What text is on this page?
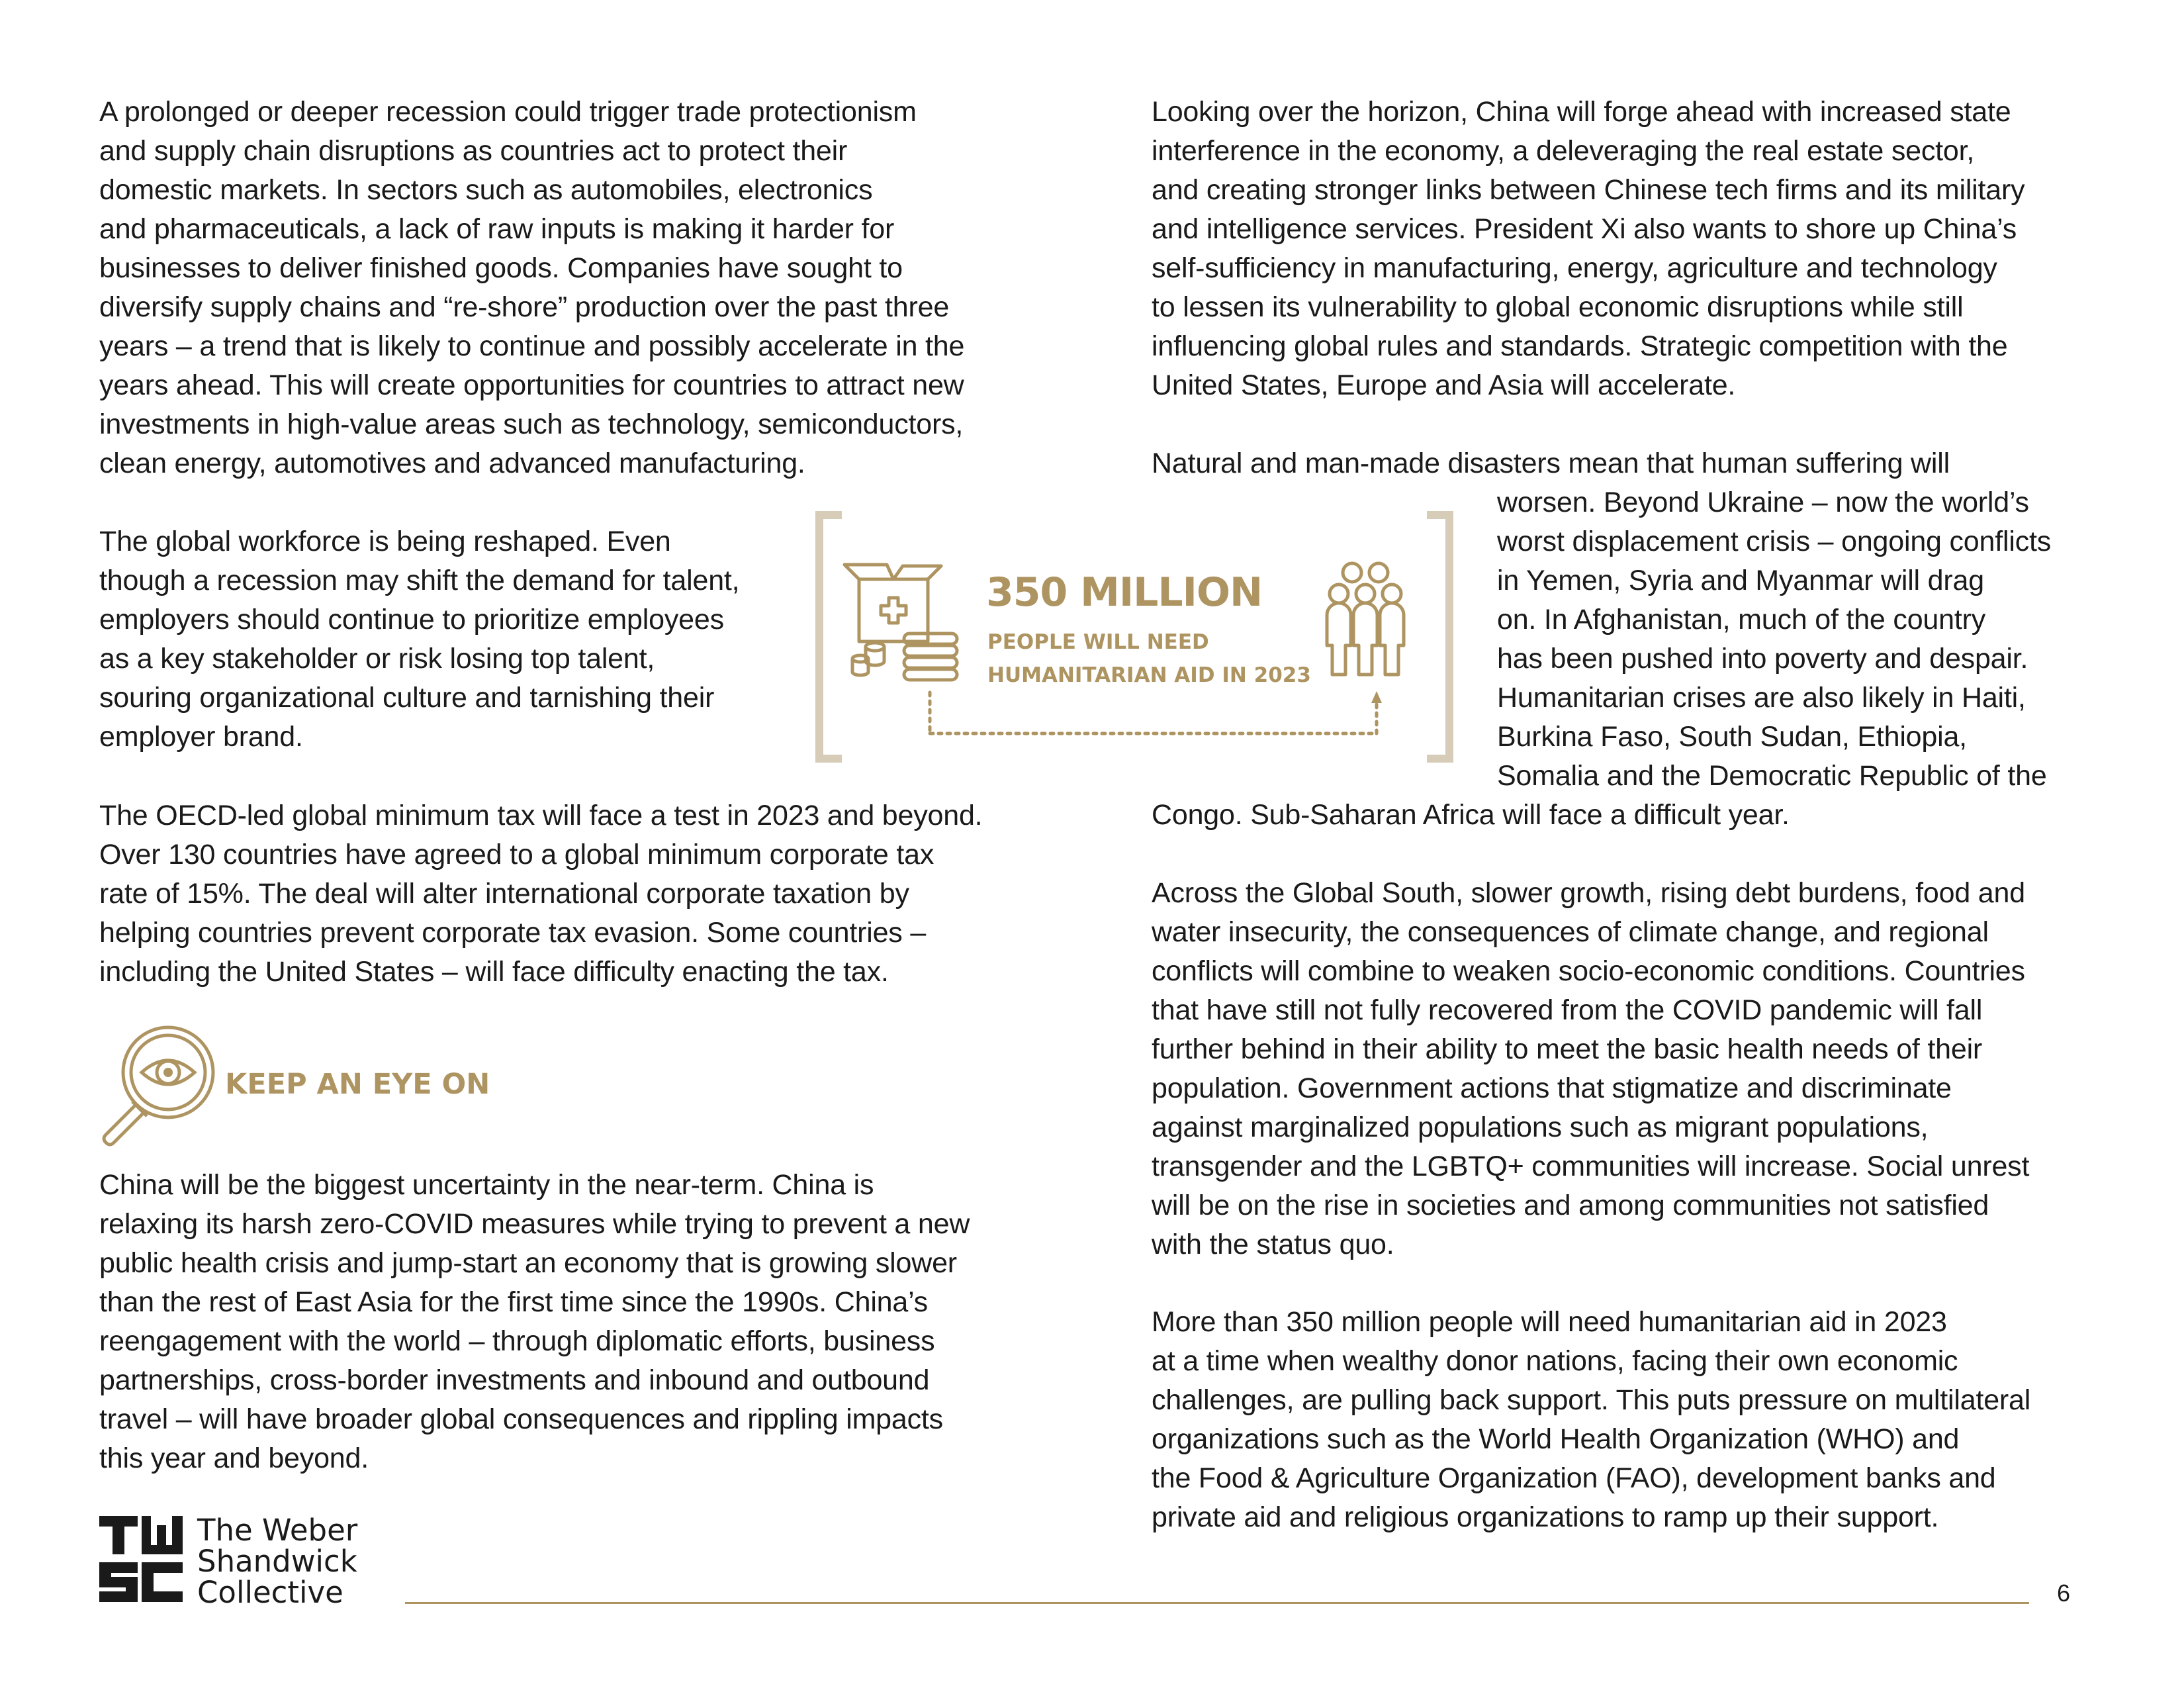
A prolonged or deeper recession could trigger trade protectionism
and supply chain disruptions as countries act to protect their
domestic markets. In sectors such as automobiles, electronics
and pharmaceuticals, a lack of raw inputs is making it harder for
businesses to deliver finished goods. Companies have sought to
diversify supply chains and “re-shore” production over the past three
years – a trend that is likely to continue and possibly accelerate in the
years ahead. This will create opportunities for countries to attract new
investments in high-value areas such as technology, semiconductors,
clean energy, automotives and advanced manufacturing.

The global workforce is being reshaped. Even
though a recession may shift the demand for talent,
employers should continue to prioritize employees
as a key stakeholder or risk losing top talent,
souring organizational culture and tarnishing their
employer brand.

The OECD-led global minimum tax will face a test in 2023 and beyond.
Over 130 countries have agreed to a global minimum corporate tax
rate of 15%. The deal will alter international corporate taxation by
helping countries prevent corporate tax evasion. Some countries –
including the United States – will face difficulty enacting the tax.

KEEP AN EYE ON

China will be the biggest uncertainty in the near-term. China is
relaxing its harsh zero-COVID measures while trying to prevent a new
public health crisis and jump-start an economy that is growing slower
than the rest of East Asia for the first time since the 1990s. China’s
reengagement with the world – through diplomatic efforts, business
partnerships, cross-border investments and inbound and outbound
travel – will have broader global consequences and rippling impacts
this year and beyond.

Looking over the horizon, China will forge ahead with increased state
interference in the economy, a deleveraging the real estate sector,
and creating stronger links between Chinese tech firms and its military
and intelligence services. President Xi also wants to shore up China’s
self-sufficiency in manufacturing, energy, agriculture and technology
to lessen its vulnerability to global economic disruptions while still
influencing global rules and standards. Strategic competition with the
United States, Europe and Asia will accelerate.

Natural and man-made disasters mean that human suffering will

worsen. Beyond Ukraine – now the world’s
worst displacement crisis – ongoing conflicts
in Yemen, Syria and Myanmar will drag
on. In Afghanistan, much of the country
has been pushed into poverty and despair.
Humanitarian crises are also likely in Haiti,
Burkina Faso, South Sudan, Ethiopia,
Somalia and the Democratic Republic of the

Congo. Sub-Saharan Africa will face a difficult year.

Across the Global South, slower growth, rising debt burdens, food and
water insecurity, the consequences of climate change, and regional
conflicts will combine to weaken socio-economic conditions. Countries
that have still not fully recovered from the COVID pandemic will fall
further behind in their ability to meet the basic health needs of their
population. Government actions that stigmatize and discriminate
against marginalized populations such as migrant populations,
transgender and the LGBTQ+ communities will increase. Social unrest
will be on the rise in societies and among communities not satisfied
with the status quo.

More than 350 million people will need humanitarian aid in 2023
at a time when wealthy donor nations, facing their own economic
challenges, are pulling back support. This puts pressure on multilateral
organizations such as the World Health Organization (WHO) and
the Food & Agriculture Organization (FAO), development banks and
private aid and religious organizations to ramp up their support.

350 MILLION

PEOPLE WILL NEED
HUMANITARIAN AID IN 2023

The Weber
Shandwick
Collective	6
